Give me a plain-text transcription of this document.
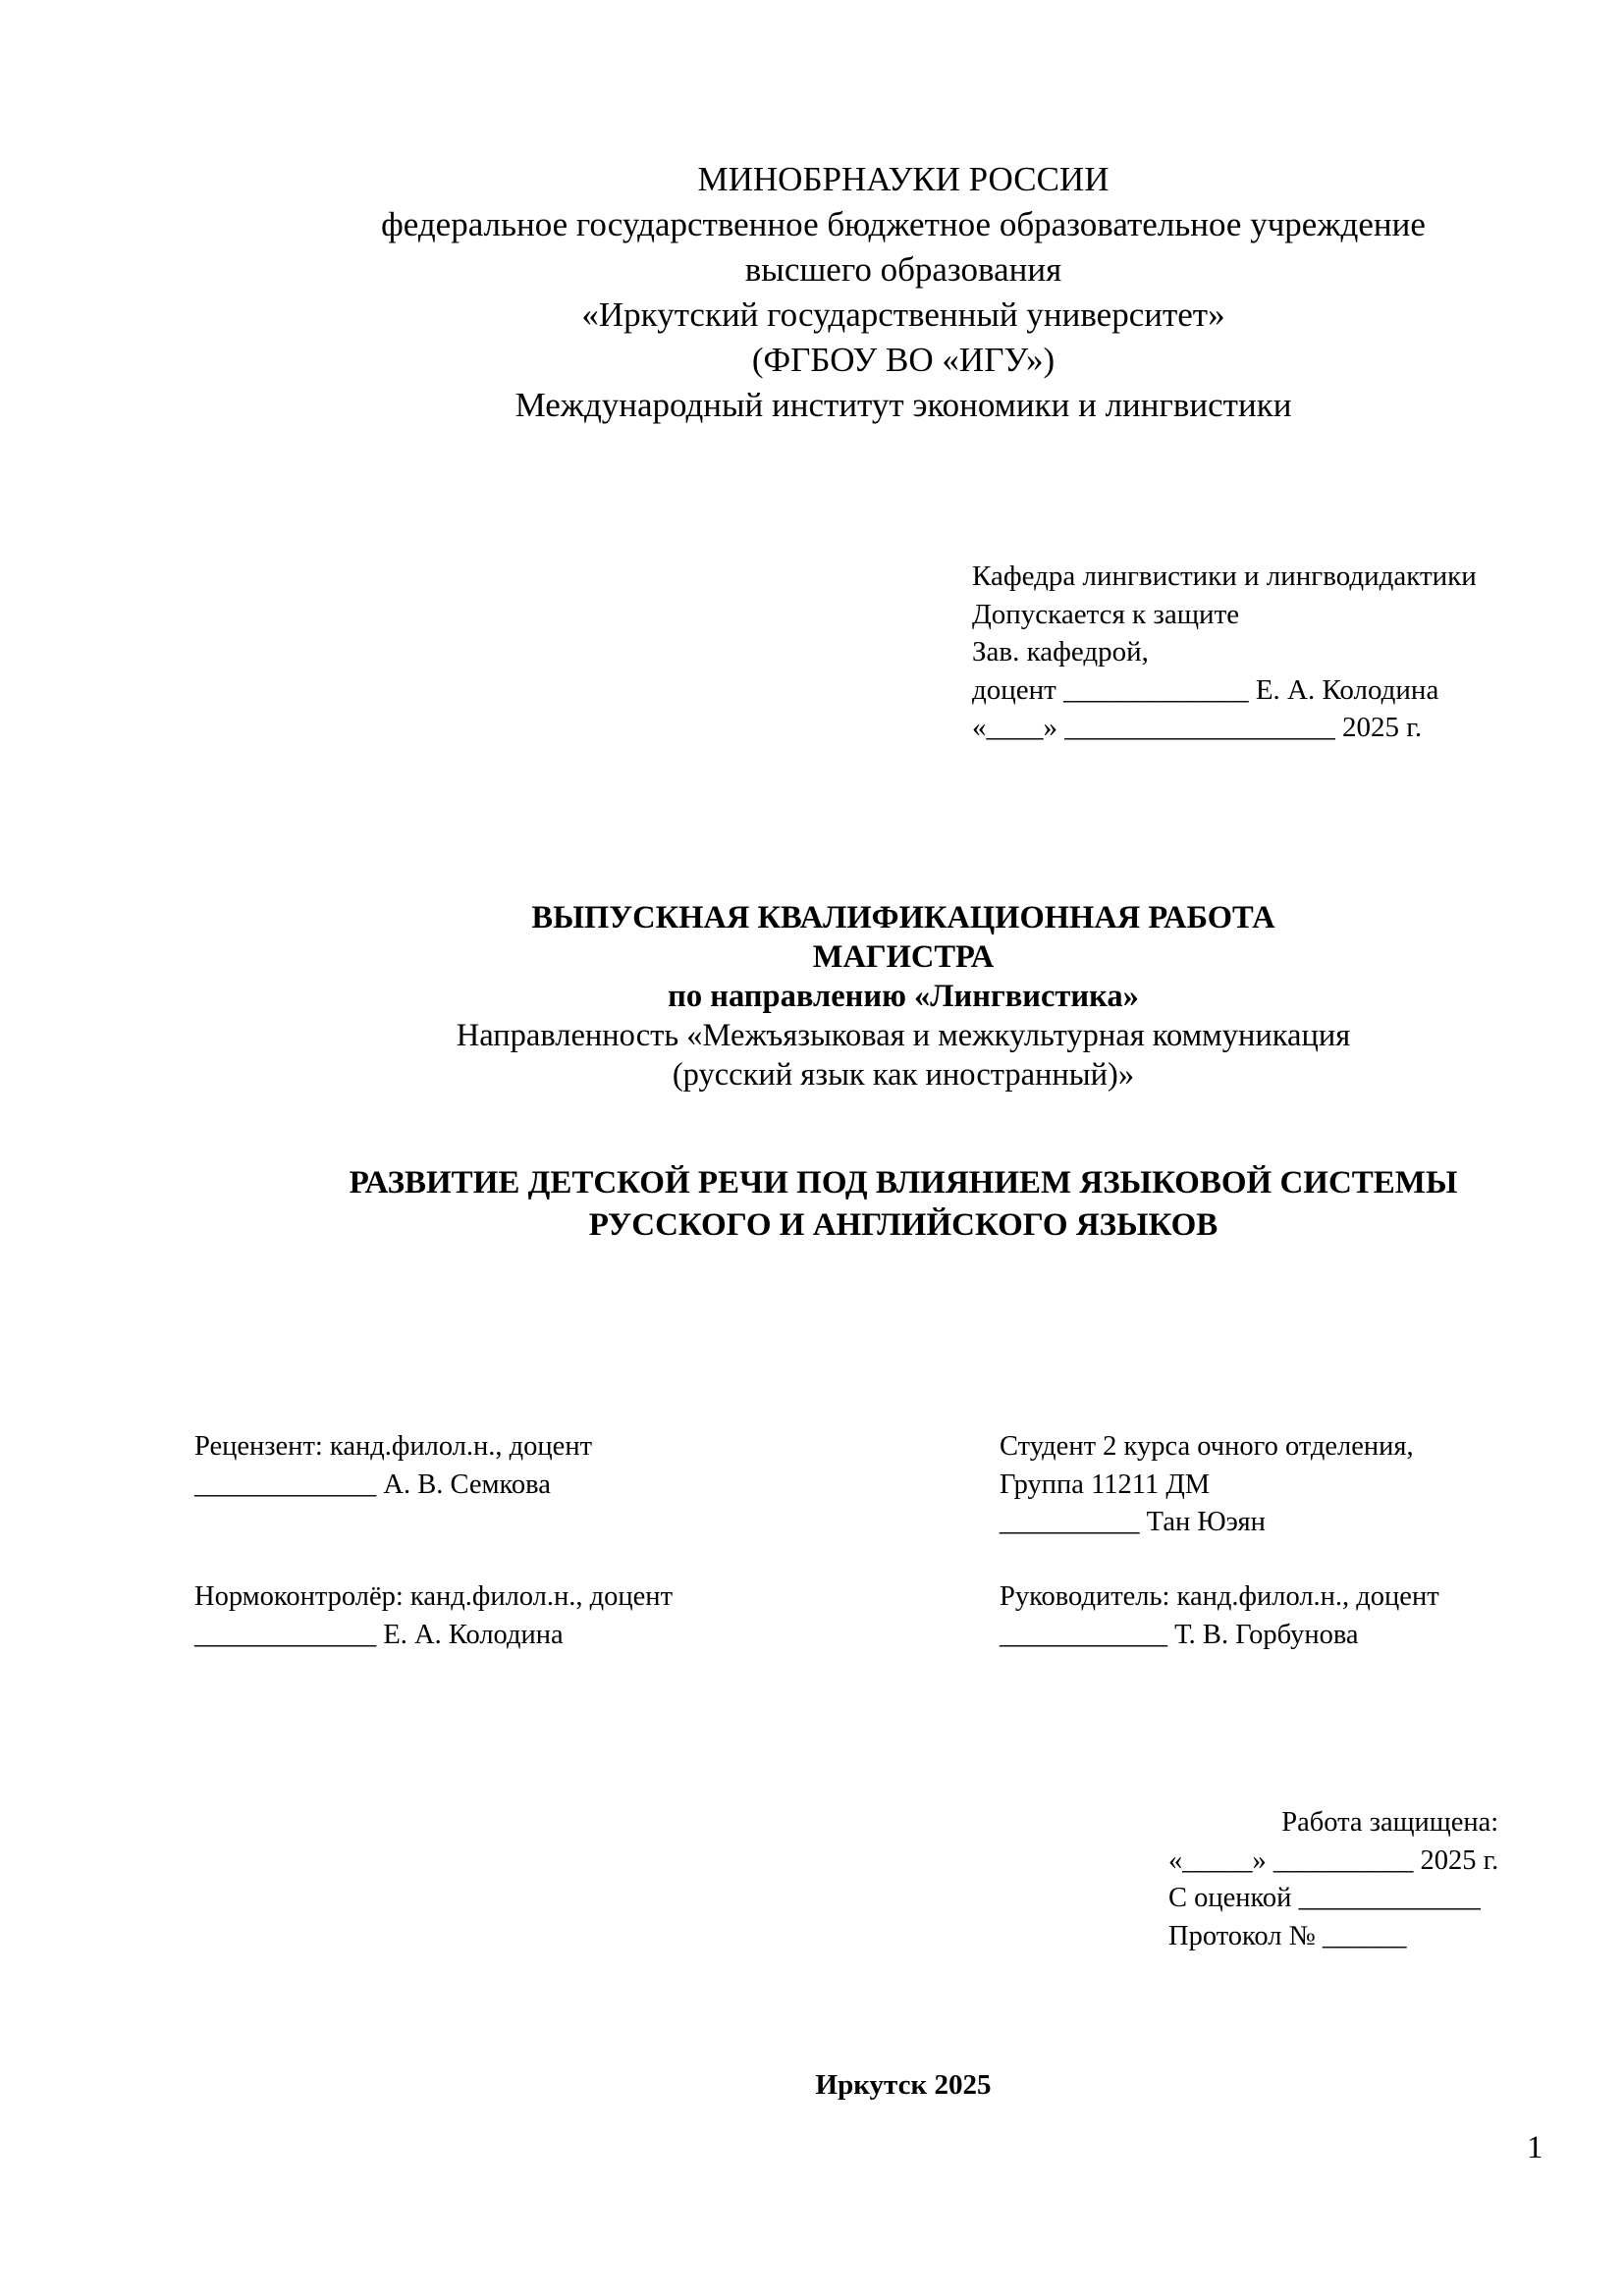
МИНОБРНАУКИ РОССИИ
федеральное государственное бюджетное образовательное учреждение
высшего образования
«Иркутский государственный университет»
(ФГБОУ ВО «ИГУ»)
Международный институт экономики и лингвистики
Кафедра лингвистики и лингводидактики
Допускается к защите
Зав. кафедрой,
доцент _____________ Е. А. Колодина
«____» ___________________ 2025 г.
ВЫПУСКНАЯ КВАЛИФИКАЦИОННАЯ РАБОТА
МАГИСТРА
по направлению «Лингвистика»
Направленность «Межъязыковая и межкультурная коммуникация
(русский язык как иностранный)»
РАЗВИТИЕ ДЕТСКОЙ РЕЧИ ПОД ВЛИЯНИЕМ ЯЗЫКОВОЙ СИСТЕМЫ
РУССКОГО И АНГЛИЙСКОГО ЯЗЫКОВ
Рецензент: канд.филол.н., доцент
_____________ А. В. Семкова
Студент 2 курса очного отделения,
Группа 11211 ДМ
__________ Тан Юэян
Нормоконтролёр: канд.филол.н., доцент
_____________ Е. А. Колодина
Руководитель: канд.филол.н., доцент
____________ Т. В. Горбунова
Работа защищена:
«_____» __________ 2025 г.
С оценкой _____________
Протокол № ______
Иркутск 2025
1
